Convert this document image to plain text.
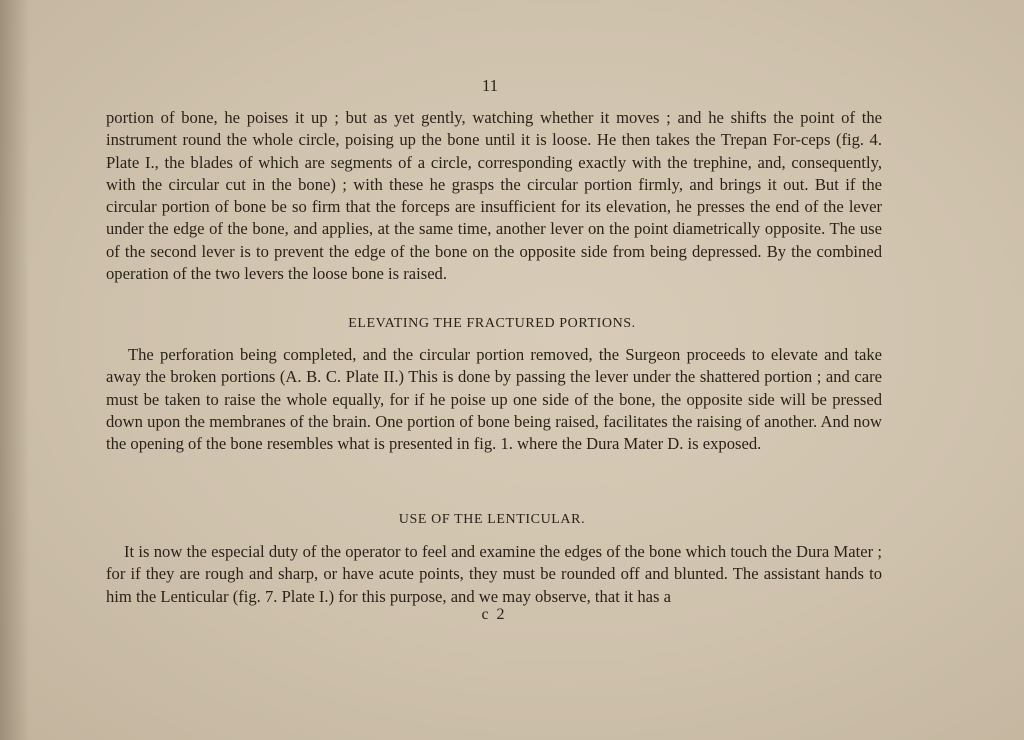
11

portion of bone, he poises it up ; but as yet gently, watching whether it moves ; and he shifts the point of the instrument round the whole circle, poising up the bone until it is loose. He then takes the Trepan For-ceps (fig. 4. Plate I., the blades of which are segments of a circle, corresponding exactly with the trephine, and, consequently, with the circular cut in the bone) ; with these he grasps the circular portion firmly, and brings it out. But if the circular portion of bone be so firm that the forceps are insufficient for its elevation, he presses the end of the lever under the edge of the bone, and applies, at the same time, another lever on the point diametrically opposite. The use of the second lever is to prevent the edge of the bone on the opposite side from being depressed. By the combined operation of the two levers the loose bone is raised.

ELEVATING THE FRACTURED PORTIONS.

The perforation being completed, and the circular portion removed, the Surgeon proceeds to elevate and take away the broken portions (A. B. C. Plate II.) This is done by passing the lever under the shattered portion ; and care must be taken to raise the whole equally, for if he poise up one side of the bone, the opposite side will be pressed down upon the membranes of the brain. One portion of bone being raised, facilitates the raising of another. And now the opening of the bone resembles what is presented in fig. 1. where the Dura Mater D. is exposed.

USE OF THE LENTICULAR.

It is now the especial duty of the operator to feel and examine the edges of the bone which touch the Dura Mater ; for if they are rough and sharp, or have acute points, they must be rounded off and blunted. The assistant hands to him the Lenticular (fig. 7. Plate I.) for this purpose, and we may observe, that it has a

c 2
